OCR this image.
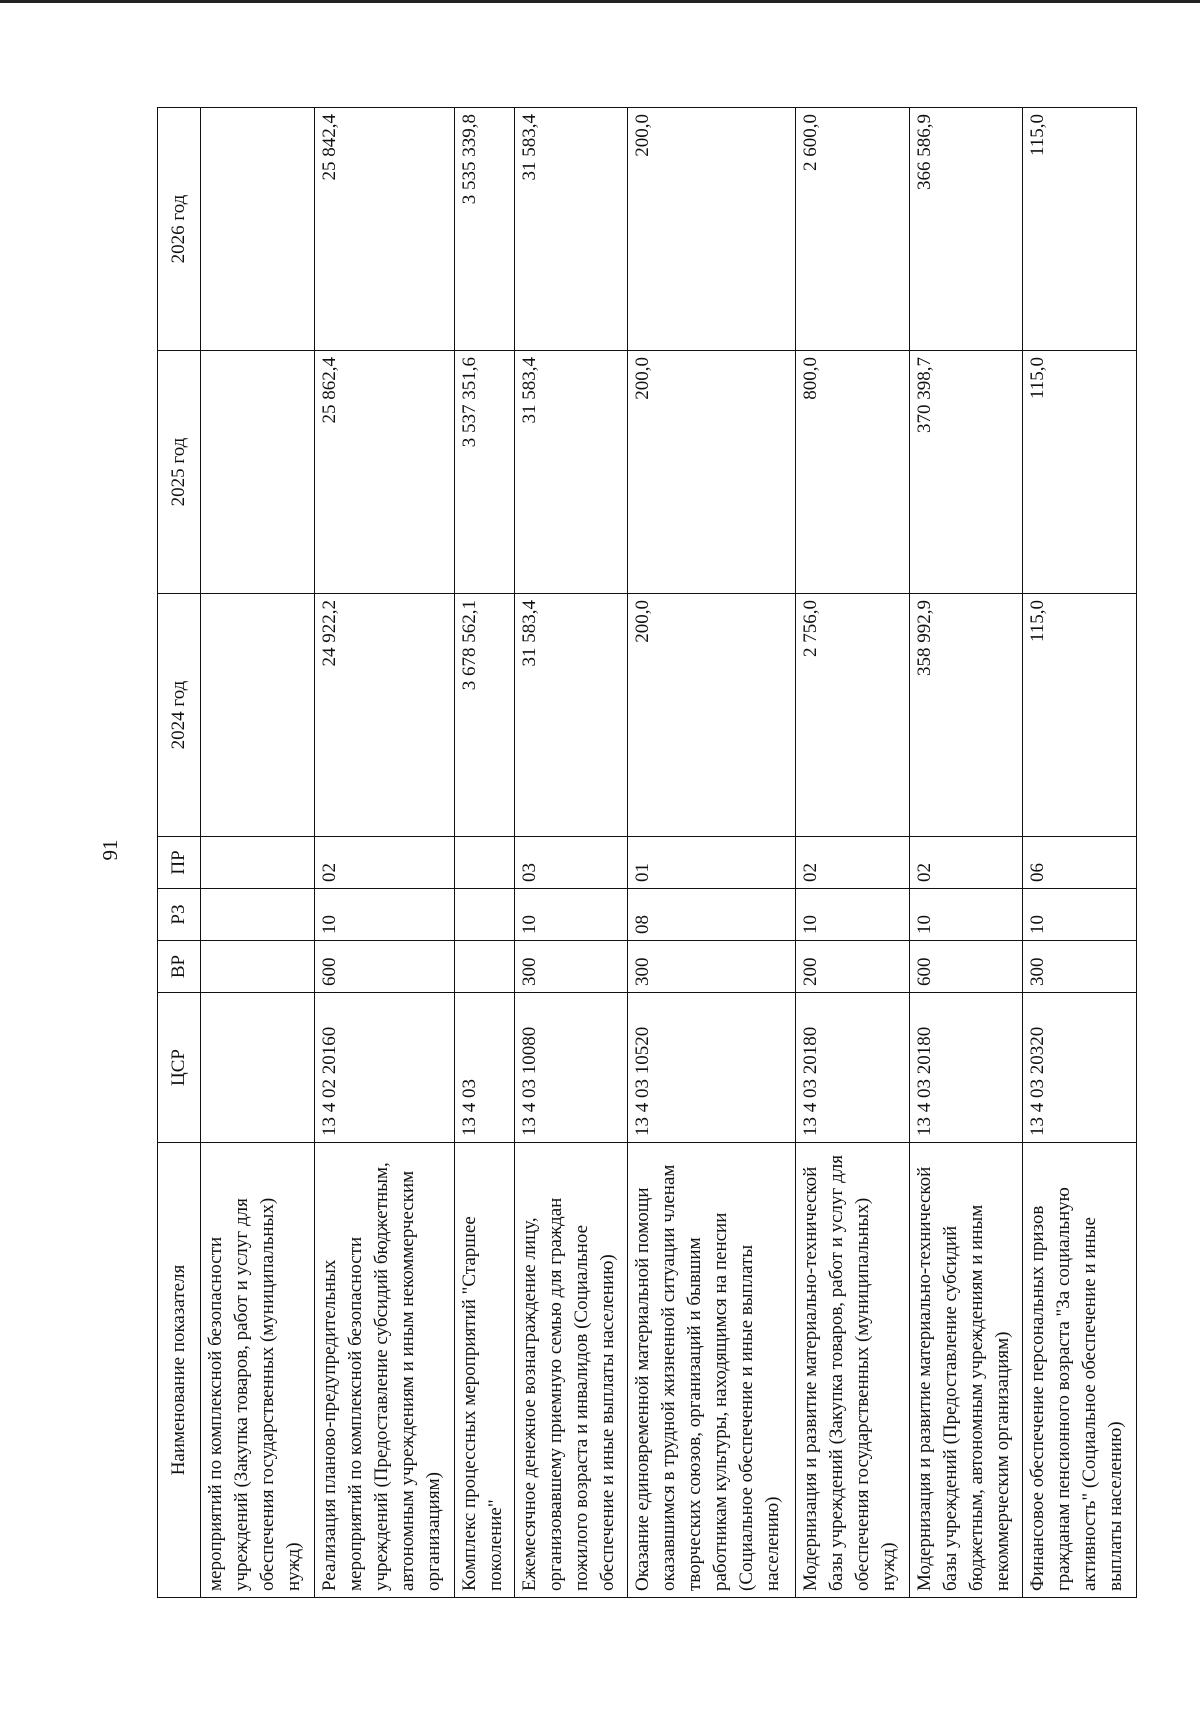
91
Наименование показателя	ЦСР	ВР	РЗ	ПР	2024 год	2025 год	2026 год
мероприятий по комплексной безопасности учреждений (Закупка товаров, работ и услуг для обеспечения государственных (муниципальных) нужд)							
Реализация планово-предупредительных мероприятий по комплексной безопасности учреждений (Предоставление субсидий бюджетным, автономным учреждениям и иным некоммерческим организациям)	13 4 02 20160	600	10	02	24 922,2	25 862,4	25 842,4
Комплекс процессных мероприятий "Старшее поколение"	13 4 03				3 678 562,1	3 537 351,6	3 535 339,8
Ежемесячное денежное вознаграждение лицу, организовавшему приемную семью для граждан пожилого возраста и инвалидов (Социальное обеспечение и иные выплаты населению)	13 4 03 10080	300	10	03	31 583,4	31 583,4	31 583,4
Оказание единовременной материальной помощи оказавшимся в трудной жизненной ситуации членам творческих союзов, организаций и бывшим работникам культуры, находящимся на пенсии (Социальное обеспечение и иные выплаты населению)	13 4 03 10520	300	08	01	200,0	200,0	200,0
Модернизация и развитие материально-технической базы учреждений (Закупка товаров, работ и услуг для обеспечения государственных (муниципальных) нужд)	13 4 03 20180	200	10	02	2 756,0	800,0	2 600,0
Модернизация и развитие материально-технической базы учреждений (Предоставление субсидий бюджетным, автономным учреждениям и иным некоммерческим организациям)	13 4 03 20180	600	10	02	358 992,9	370 398,7	366 586,9
Финансовое обеспечение персональных призов гражданам пенсионного возраста "За социальную активность" (Социальное обеспечение и иные выплаты населению)	13 4 03 20320	300	10	06	115,0	115,0	115,0
